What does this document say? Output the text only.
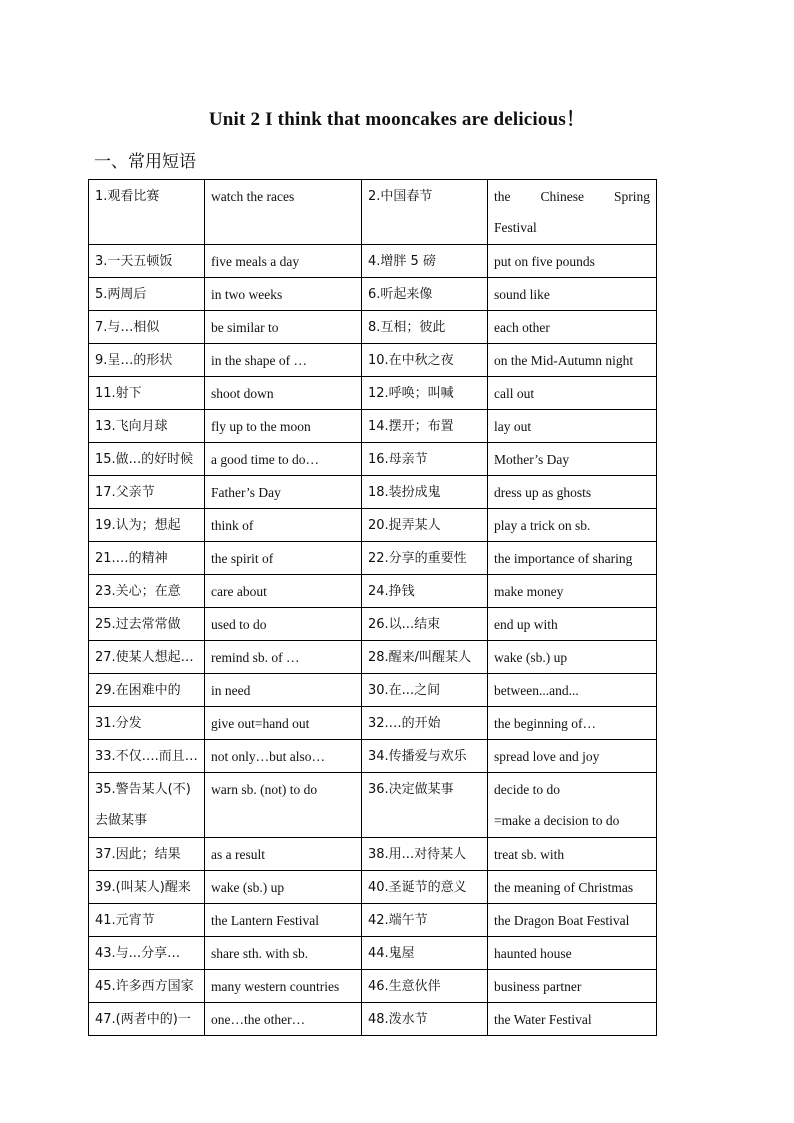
Unit 2 I think that mooncakes are delicious！
一、常用短语
1.观看比赛	watch the races	2.中国春节	the Chinese Spring
Festival

3.一天五顿饭	five meals a day	4.增胖 5 磅	put on five pounds
5.两周后	in two weeks	6.听起来像	sound like
7.与…相似	be similar to	8.互相；彼此	each other
9.呈…的形状	in the shape of …	10.在中秋之夜	on the Mid-Autumn night
11.射下	shoot down	12.呼唤；叫喊	call out
13.飞向月球	fly up to the moon	14.摆开；布置	lay out
15.做...的好时候	a good time to do…	16.母亲节	Mother’s Day
17.父亲节	Father’s Day	18.装扮成鬼	dress up as ghosts
19.认为；想起	think of	20.捉弄某人	play a trick on sb.
21.…的精神	the spirit of	22.分享的重要性	the importance of sharing
23.关心；在意	care about	24.挣钱	make money
25.过去常常做	used to do	26.以...结束	end up with
27.使某人想起…	remind sb. of …	28.醒来/叫醒某人	wake (sb.) up
29.在困难中的	in need	30.在...之间	between...and...
31.分发	give out=hand out	32.…的开始	the beginning of…
33.不仅….而且…	not only…but also…	34.传播爱与欢乐	spread love and joy
35.警告某人(不)
去做某事	warn sb. (not) to do	36.决定做某事	decide to do
=make a decision to do

37.因此；结果	as a result	38.用...对待某人	treat sb. with
39.(叫某人)醒来	wake (sb.) up	40.圣诞节的意义	the meaning of Christmas
41.元宵节	the Lantern Festival	42.端午节	the Dragon Boat Festival
43.与...分享…	share sth. with sb.	44.鬼屋	haunted house
45.许多西方国家	many western countries	46.生意伙伴	business partner
47.(两者中的)一	one…the other…	48.泼水节	the Water Festival
